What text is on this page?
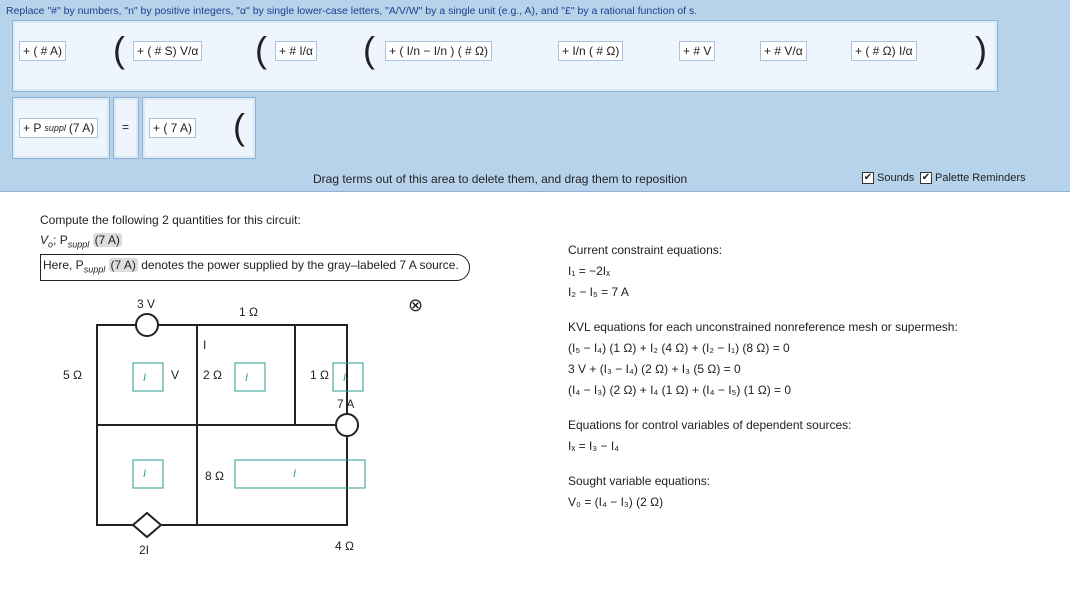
Replace "#" by numbers, "n" by positive integers, "α" by single lower-case letters, "A/V/W" by a single unit (e.g., A), and "£" by a rational function of s.
+ ( # A) (	+ ( # S) V/α (	+ # I/α (	+ ( I/n − I/n ) ( # Ω)	+ I/n ( # Ω)	+ # V	+ # V/α	+ ( # Ω) I/α )
+ P suppl (7 A) =	+ ( 7 A) (
Drag terms out of this area to delete them, and drag them to reposition	✔ Sounds ✔ Palette Reminders
Compute the following 2 quantities for this circuit:
$V_o$; $P_{suppl}$ (7 A)
Here, $P_{suppl}$ (7 A) denotes the power supplied by the gray–labeled 7 A source.
⊗
3 V
1 Ω
5 Ω	2 Ω	1 Ω
8 Ω
4 Ω
7 A
2I
V
I
I	I	I
I	I
Current constraint equations:
I₁ = −2Iₓ
I₂ − I₅ = 7 A
KVL equations for each unconstrained nonreference mesh or supermesh:
(I₅ − I₄) (1 Ω) + I₂ (4 Ω) + (I₂ − I₁) (8 Ω) = 0
3 V + (I₃ − I₄) (2 Ω) + I₃ (5 Ω) = 0
(I₄ − I₃) (2 Ω) + I₄ (1 Ω) + (I₄ − I₅) (1 Ω) = 0
Equations for control variables of dependent sources:
Iₓ = I₃ − I₄
Sought variable equations:
V₀ = (I₄ − I₃) (2 Ω)
